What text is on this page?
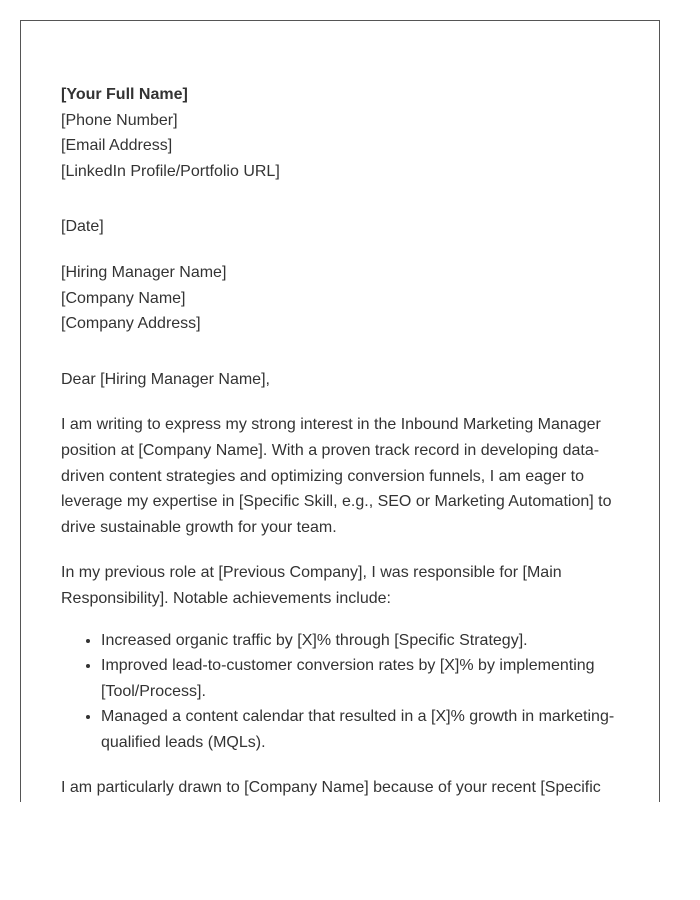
[Your Full Name]
[Phone Number]
[Email Address]
[LinkedIn Profile/Portfolio URL]
[Date]
[Hiring Manager Name]
[Company Name]
[Company Address]

Dear [Hiring Manager Name],

I am writing to express my strong interest in the Inbound Marketing Manager position at [Company Name]. With a proven track record in developing data-driven content strategies and optimizing conversion funnels, I am eager to leverage my expertise in [Specific Skill, e.g., SEO or Marketing Automation] to drive sustainable growth for your team.

In my previous role at [Previous Company], I was responsible for [Main Responsibility]. Notable achievements include:

• Increased organic traffic by [X]% through [Specific Strategy].
• Improved lead-to-customer conversion rates by [X]% by implementing [Tool/Process].
• Managed a content calendar that resulted in a [X]% growth in marketing-qualified leads (MQLs).

I am particularly drawn to [Company Name] because of your recent [Specific
